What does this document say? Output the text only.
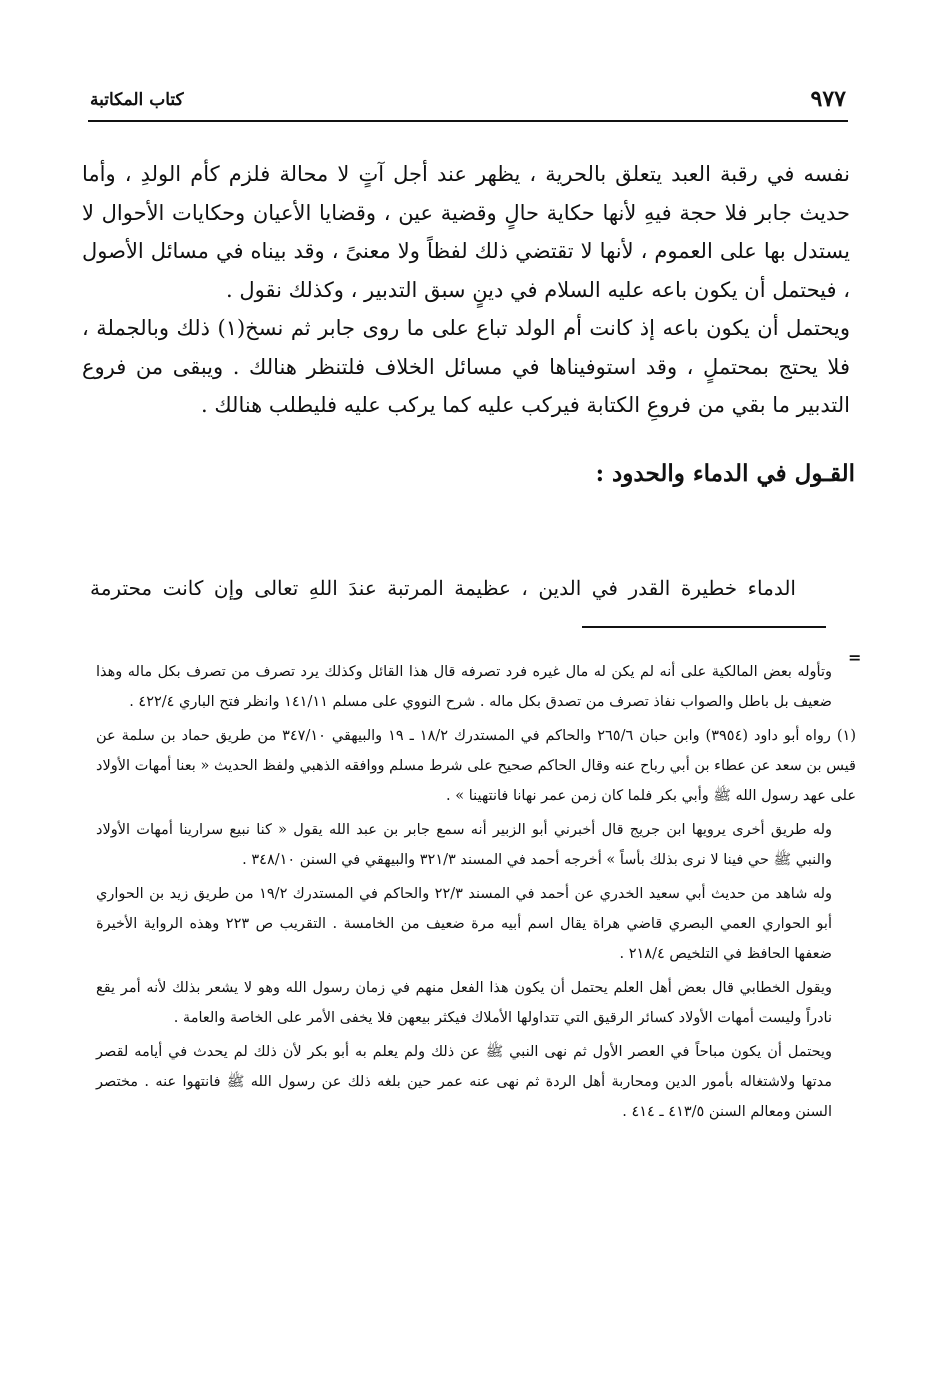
٩٧٧
كتاب المكاتبة

نفسه في رقبة العبد يتعلق بالحرية ، يظهر عند أجل آتٍ لا محالة فلزم كأم الولدِ ، وأما حديث جابر فلا حجة فيهِ لأنها حكاية حالٍ وقضية عين ، وقضايا الأعيان وحكايات الأحوال لا يستدل بها على العموم ، لأنها لا تقتضي ذلك لفظاً ولا معنىً ، وقد بيناه في مسائل الأصول ، فيحتمل أن يكون باعه عليه السلام في دينٍ سبق التدبير ، وكذلك نقول .

ويحتمل أن يكون باعه إذ كانت أم الولد تباع على ما روى جابر ثم نسخ(١) ذلك وبالجملة ، فلا يحتج بمحتملٍ ، وقد استوفيناها في مسائل الخلاف فلتنظر هنالك . ويبقى من فروع التدبير ما بقي من فروعِ الكتابة فيركب عليه كما يركب عليه فليطلب هنالك .

القـول في الدماء والحدود :
الدماء خطيرة القدر في الدين ، عظيمة المرتبة عندَ اللهِ تعالى وإن كانت محترمة
=

وتأوله بعض المالكية على أنه لم يكن له مال غيره فرد تصرفه قال هذا القائل وكذلك يرد تصرف من تصرف بكل ماله وهذا ضعيف بل باطل والصواب نفاذ تصرف من تصدق بكل ماله . شرح النووي على مسلم ١٤١/١١ وانظر فتح الباري ٤٢٢/٤ .

(١) رواه أبو داود (٣٩٥٤) وابن حبان ٢٦٥/٦ والحاكم في المستدرك ١٨/٢ ـ ١٩ والبيهقي ٣٤٧/١٠ من طريق حماد بن سلمة عن قيس بن سعد عن عطاء بن أبي رباح عنه وقال الحاكم صحيح على شرط مسلم ووافقه الذهبي ولفظ الحديث « بعنا أمهات الأولاد على عهد رسول الله ﷺ وأبي بكر فلما كان زمن عمر نهانا فانتهينا » .

وله طريق أخرى يرويها ابن جريج قال أخبرني أبو الزبير أنه سمع جابر بن عبد الله يقول « كنا نبيع سرارينا أمهات الأولاد والنبي ﷺ حي فينا لا نرى بذلك بأساً » أخرجه أحمد في المسند ٣٢١/٣ والبيهقي في السنن ٣٤٨/١٠ .

وله شاهد من حديث أبي سعيد الخدري عن أحمد في المسند ٢٢/٣ والحاكم في المستدرك ١٩/٢ من طريق زيد بن الحواري أبو الحواري العمي البصري قاضي هراة يقال اسم أبيه مرة ضعيف من الخامسة . التقريب ص ٢٢٣ وهذه الرواية الأخيرة ضعفها الحافظ في التلخيص ٢١٨/٤ .

ويقول الخطابي قال بعض أهل العلم يحتمل أن يكون هذا الفعل منهم في زمان رسول الله وهو لا يشعر بذلك لأنه أمر يقع نادراً وليست أمهات الأولاد كسائر الرقيق التي تتداولها الأملاك فيكثر بيعهن فلا يخفى الأمر على الخاصة والعامة .

ويحتمل أن يكون مباحاً في العصر الأول ثم نهى النبي ﷺ عن ذلك ولم يعلم به أبو بكر لأن ذلك لم يحدث في أيامه لقصر مدتها ولاشتغاله بأمور الدين ومحاربة أهل الردة ثم نهى عنه عمر حين بلغه ذلك عن رسول الله ﷺ فانتهوا عنه . مختصر السنن ومعالم السنن ٤١٣/٥ ـ ٤١٤ .
